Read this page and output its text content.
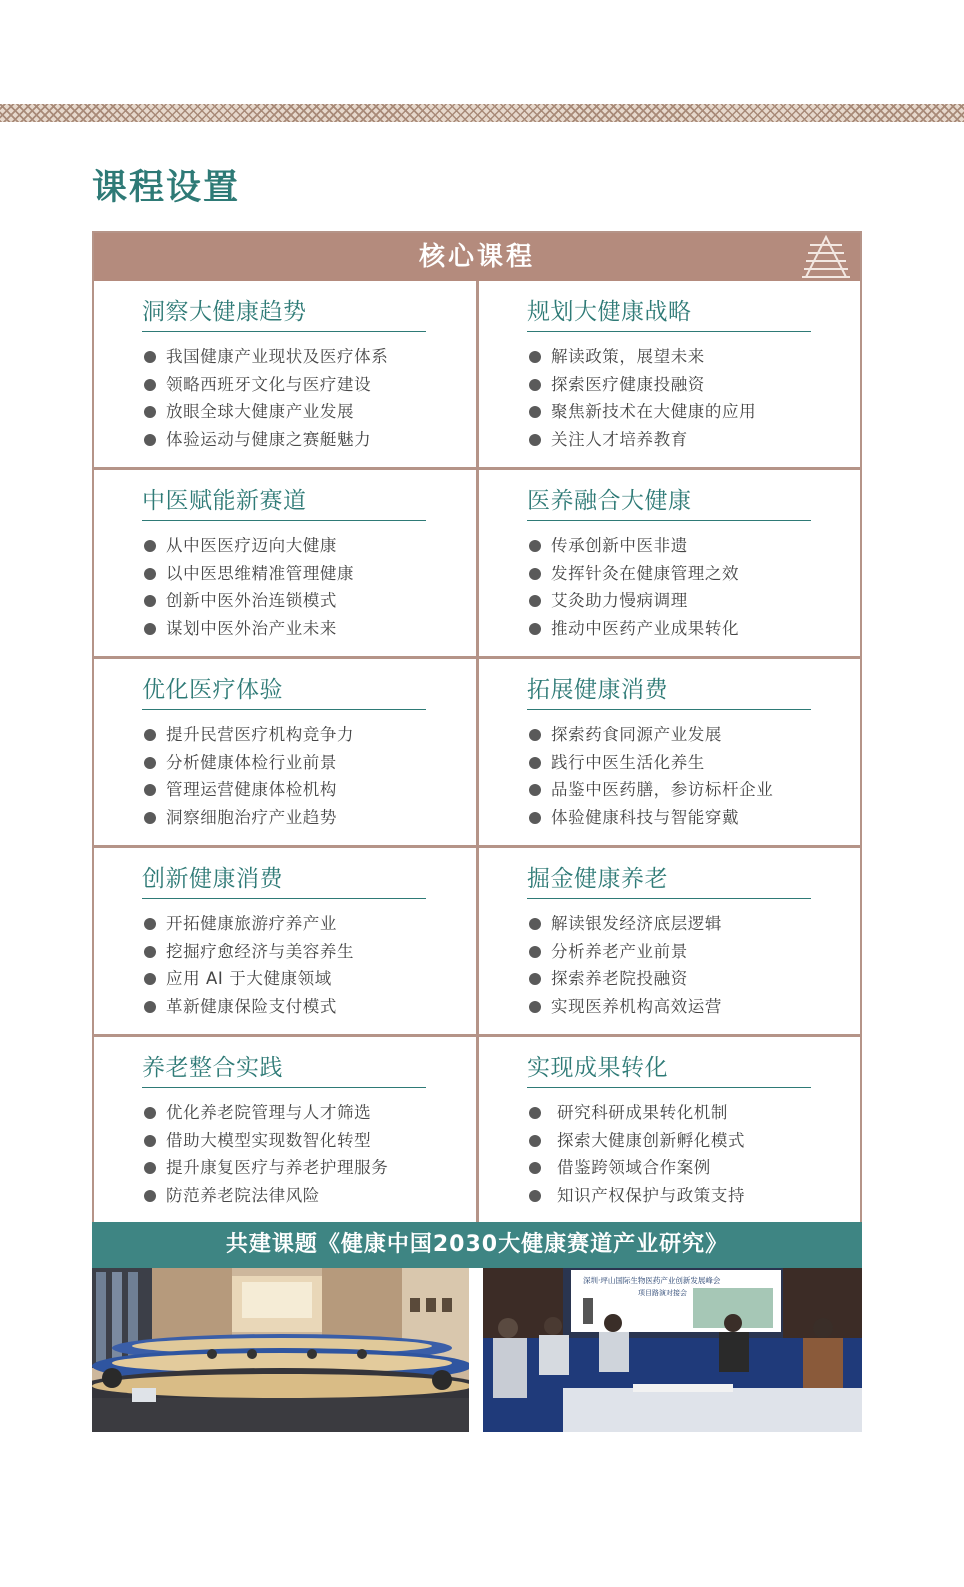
课程设置
核心课程
洞察大健康趋势
我国健康产业现状及医疗体系
领略西班牙文化与医疗建设
放眼全球大健康产业发展
体验运动与健康之赛艇魅力
规划大健康战略
解读政策，展望未来
探索医疗健康投融资
聚焦新技术在大健康的应用
关注人才培养教育
中医赋能新赛道
从中医医疗迈向大健康
以中医思维精准管理健康
创新中医外治连锁模式
谋划中医外治产业未来
医养融合大健康
传承创新中医非遗
发挥针灸在健康管理之效
艾灸助力慢病调理
推动中医药产业成果转化
优化医疗体验
提升民营医疗机构竞争力
分析健康体检行业前景
管理运营健康体检机构
洞察细胞治疗产业趋势
拓展健康消费
探索药食同源产业发展
践行中医生活化养生
品鉴中医药膳，参访标杆企业
体验健康科技与智能穿戴
创新健康消费
开拓健康旅游疗养产业
挖掘疗愈经济与美容养生
应用 AI 于大健康领域
革新健康保险支付模式
掘金健康养老
解读银发经济底层逻辑
分析养老产业前景
探索养老院投融资
实现医养机构高效运营
养老整合实践
优化养老院管理与人才筛选
借助大模型实现数智化转型
提升康复医疗与养老护理服务
防范养老院法律风险
实现成果转化
研究科研成果转化机制
探索大健康创新孵化模式
借鉴跨领域合作案例
知识产权保护与政策支持
共建课题《健康中国2030大健康赛道产业研究》
深圳·坪山国际生物医药产业创新发展峰会
项目路演对接会
